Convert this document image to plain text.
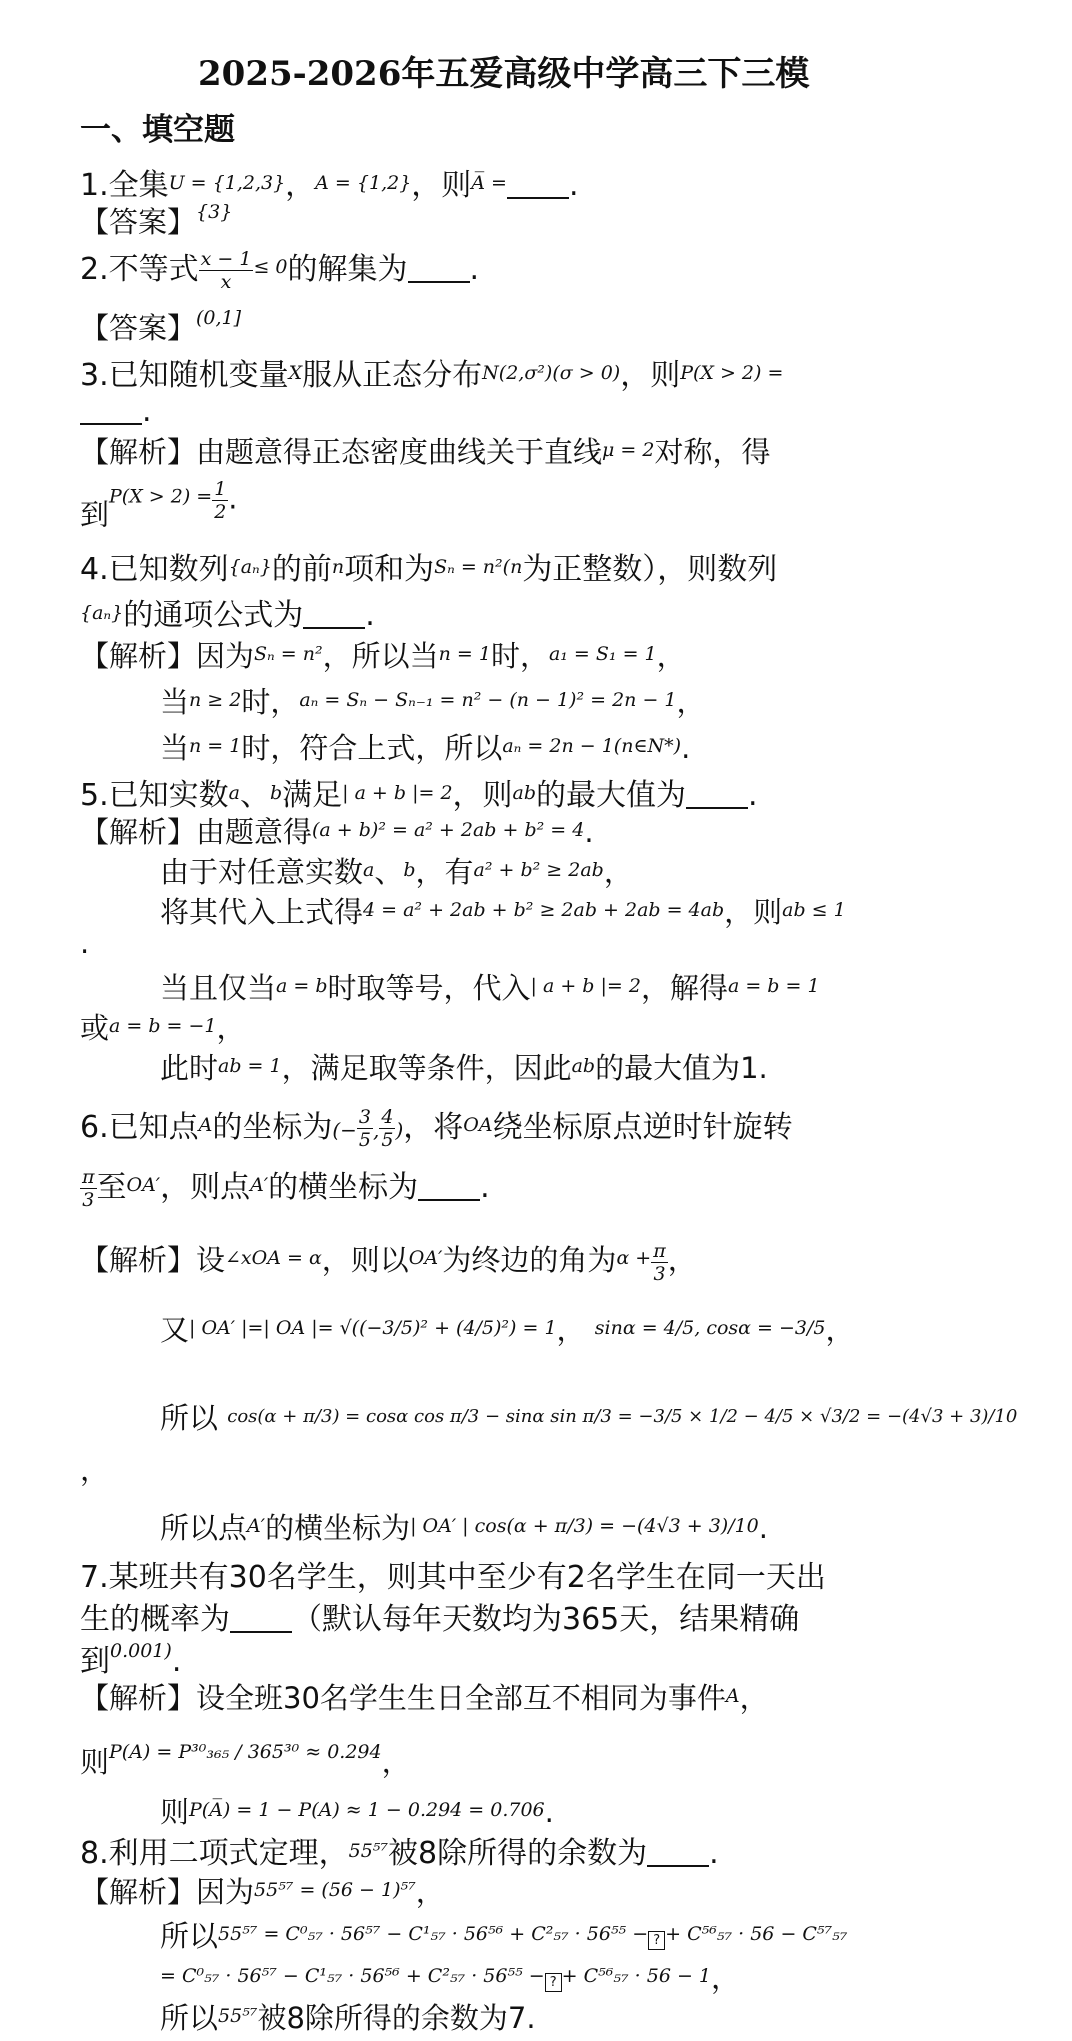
2025-2026年五爱高级中学高三下三模
一、填空题
1.全集$^{U = \{1,2,3\}}$，$^{A = \{1,2\}}$，则$^{A̅ =}$ .
【答案】$^{\{3\}}$
2.不等式 $\frac{x - 1}{x} ^{\le 0}$的解集为 .
【答案】$^{(0,1]}$
3.已知随机变量$^X$服从正态分布$^{N(2,\sigma^2)(\sigma > 0)}$，则$^{P(X > 2) =}$
.
【解析】由题意得正态密度曲线关于直线$^{\mu = 2}$对称，得
到$^{P(X > 2) =} \frac{1}{2}$ .
4.已知数列$^{\{a_n\}}$的前$^n$项和为$^{S_n = n^2(n}$为正整数），则数列
$^{\{a_n\}}$的通项公式为 .
【解析】因为$^{S_n = n^2}$，所以当$^{n = 1}$时，$^{a_1 = S_1 = 1}$，
当$^{n \ge 2}$时，$^{a_n = S_n - S_{n-1} = n^2 - (n - 1)^2 = 2n - 1}$，
当$^{n = 1}$时，符合上式，所以$^{a_n = 2n - 1(n\in N*)}$.
5.已知实数$^a$、$^b$满足$^{| a + b |= 2}$，则$^{ab}$的最大值为 .
【解析】由题意得$^{(a + b)^2 = a^2 + 2ab + b^2 = 4}$.
由于对任意实数$^a$、$^b$，有$^{a^2 + b^2 \ge 2ab}$，
将其代入上式得$^{4 = a^2 + 2ab + b^2 \ge 2ab + 2ab = 4ab}$，则$^{ab \le 1}$
.
当且仅当$^{a = b}$时取等号，代入$^{| a + b |= 2}$，解得$^{a = b = 1}$
或$^{a = b = -1}$，
此时$^{ab = 1}$，满足取等条件，因此$^{ab}$的最大值为1.
6.已知点$^A$的坐标为(− $\frac{3}{5}$ , $\frac{4}{5}$ )，将$^{OA}$绕坐标原点逆时针旋转
$\frac{\pi}{3}$ 至$^{OA'}$，则点$^{A'}$的横坐标为 .
【解析】设$^{\angle xOA = \alpha}$，则以$^{OA'}$为终边的角为$^{\alpha +} \frac{\pi}{3}$ ，
又$^{| OA' |=| OA |= √((-3/5)^2 + (4/5)^2) = 1}$， $^{sin\alpha = 4/5, cos\alpha = -3/5}$，
所以 $^{cos(\alpha + \pi/3) = cos\alpha cos \pi/3 - sin\alpha sin \pi/3 = -3/5 \times 1/2 - 4/5 \times √3/2 = -(4√3 + 3)/10}$
，
所以点$^{A'}$的横坐标为$^{| OA' | cos(\alpha + \pi/3) = -(4√3 + 3)/10}$.
7.某班共有30名学生，则其中至少有2名学生在同一天出
生的概率为 （默认每年天数均为365天，结果精确
到$^{0.001)}$.
【解析】设全班30名学生生日全部互不相同为事件$^A$，
则$^{P(A) = P^{30}_{365} / 365^{30} \approx 0.294}$，
则$^{P(A̅) = 1 - P(A) \approx 1 - 0.294 = 0.706}$.
8.利用二项式定理，$^{55^{57}}$被8除所得的余数为 .
【解析】因为$^{55^{57} = (56 - 1)^{57}}$，
所以$^{55^{57} = C^0_{57} \cdot 56^{57} - C^1_{57} \cdot 56^{56} + C^2_{57} \cdot 56^{55} -}$ ? $^{+ C^{56}_{57} \cdot 56 - C^{57}_{57}}$
$^{= C^0_{57} \cdot 56^{57} - C^1_{57} \cdot 56^{56} + C^2_{57} \cdot 56^{55} -}$ ? $^{+ C^{56}_{57} \cdot 56 - 1}$，
所以$^{55^{57}}$被8除所得的余数为7.
